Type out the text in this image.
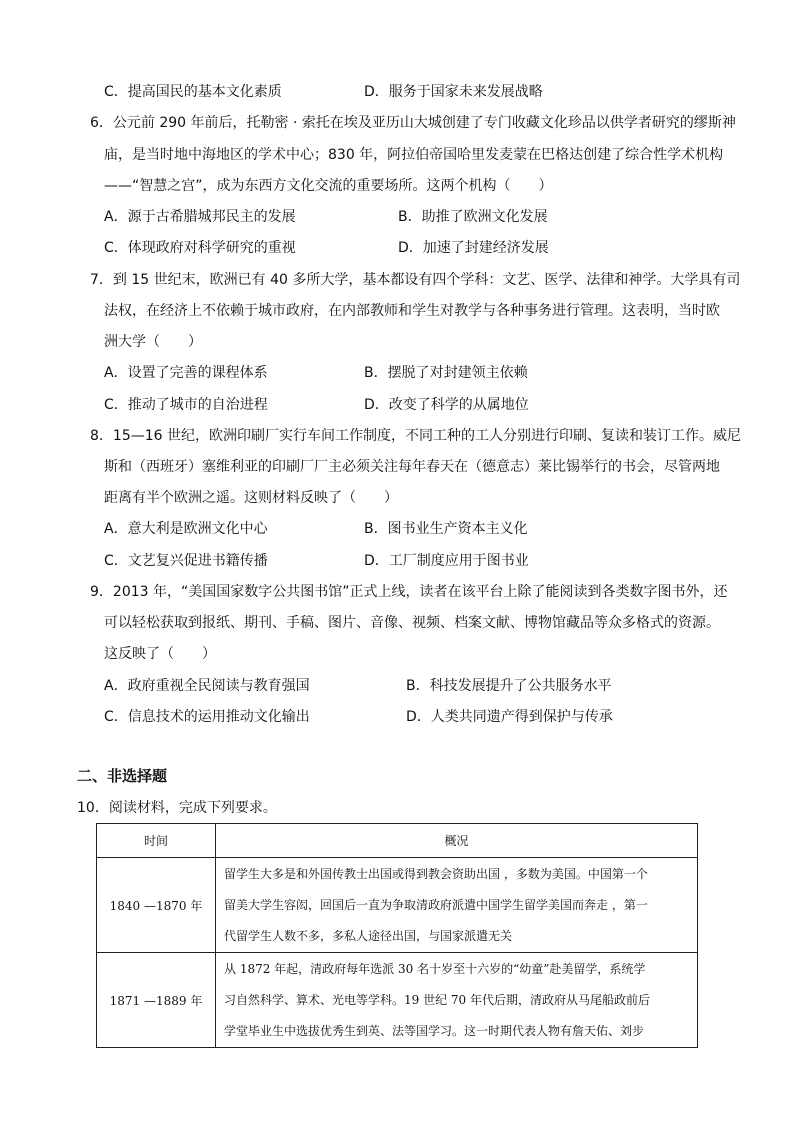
C．提高国民的基本文化素质	D．服务于国家未来发展战略
6．公元前 290 年前后，托勒密 · 索托在埃及亚历山大城创建了专门收藏文化珍品以供学者研究的缪斯神
庙，是当时地中海地区的学术中心；830 年，阿拉伯帝国哈里发麦蒙在巴格达创建了综合性学术机构
——“智慧之宫”，成为东西方文化交流的重要场所。这两个机构（　　）
A．源于古希腊城邦民主的发展	B．助推了欧洲文化发展
C．体现政府对科学研究的重视	D．加速了封建经济发展
7．到 15 世纪末，欧洲已有 40 多所大学，基本都设有四个学科：文艺、医学、法律和神学。大学具有司
法权，在经济上不依赖于城市政府，在内部教师和学生对教学与各种事务进行管理。这表明，当时欧
洲大学（　　）
A．设置了完善的课程体系	B．摆脱了对封建领主依赖
C．推动了城市的自治进程	D．改变了科学的从属地位
8．15—16 世纪，欧洲印刷厂实行车间工作制度，不同工种的工人分别进行印刷、复读和装订工作。威尼
斯和（西班牙）塞维利亚的印刷厂厂主必须关注每年春天在（德意志）莱比锡举行的书会，尽管两地
距离有半个欧洲之遥。这则材料反映了（　　）
A．意大利是欧洲文化中心	B．图书业生产资本主义化
C．文艺复兴促进书籍传播	D．工厂制度应用于图书业
9．2013 年，“美国国家数字公共图书馆”正式上线，读者在该平台上除了能阅读到各类数字图书外，还
可以轻松获取到报纸、期刊、手稿、图片、音像、视频、档案文献、博物馆藏品等众多格式的资源。
这反映了（　　）
A．政府重视全民阅读与教育强国	B．科技发展提升了公共服务水平
C．信息技术的运用推动文化输出	D．人类共同遗产得到保护与传承
二、非选择题
10．阅读材料，完成下列要求。
时间	概况
1840 —1870 年	留学生大多是和外国传教士出国或得到教会资助出国 ，多数为美国。中国第一个
留美大学生容闳，回国后一直为争取清政府派遣中国学生留学美国而奔走 ，第一
代留学生人数不多，多私人途径出国，与国家派遣无关

1871 —1889 年	从 1872 年起，清政府每年选派 30 名十岁至十六岁的“幼童”赴美留学，系统学
习自然科学、算术、光电等学科。19 世纪 70 年代后期，清政府从马尾船政前后
学堂毕业生中选拔优秀生到英、法等国学习。这一时期代表人物有詹天佑、刘步
